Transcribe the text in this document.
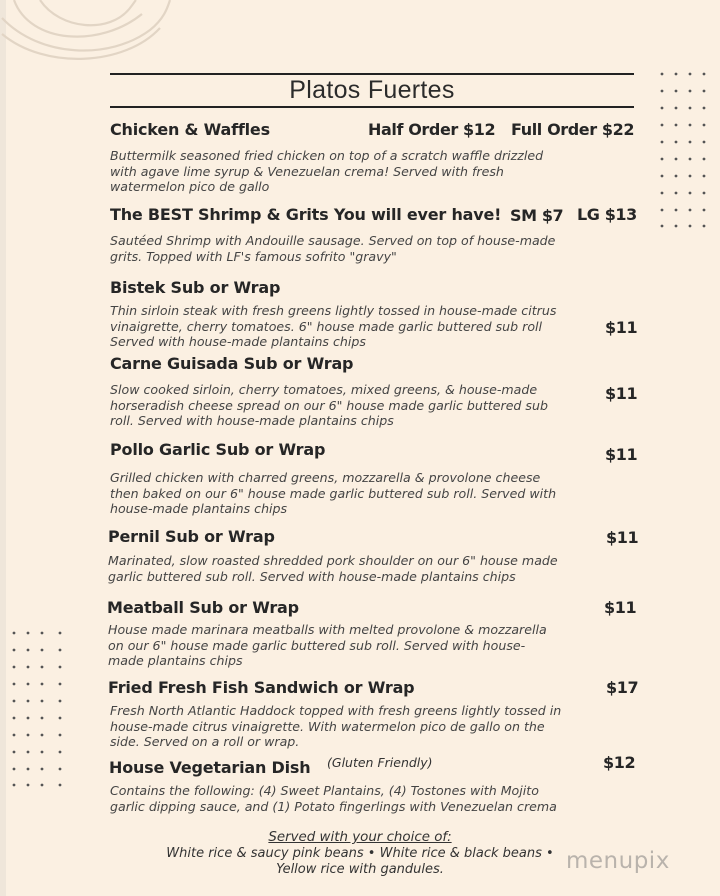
Platos Fuertes
Chicken & Waffles	Half Order $12 Full Order $22
Buttermilk seasoned fried chicken on top of a scratch waffle drizzled
with agave lime syrup & Venezuelan crema! Served with fresh
watermelon pico de gallo
The BEST Shrimp & Grits You will ever have! SM $7 LG $13
Sautéed Shrimp with Andouille sausage. Served on top of house-made
grits. Topped with LF's famous sofrito "gravy"
Bistek Sub or Wrap
Thin sirloin steak with fresh greens lightly tossed in house-made citrus
vinaigrette, cherry tomatoes. 6" house made garlic buttered sub roll
Served with house-made plantains chips
$11
Carne Guisada Sub or Wrap
Slow cooked sirloin, cherry tomatoes, mixed greens, & house-made
horseradish cheese spread on our 6" house made garlic buttered sub
roll. Served with house-made plantains chips
$11
Pollo Garlic Sub or Wrap	$11
Grilled chicken with charred greens, mozzarella & provolone cheese
then baked on our 6" house made garlic buttered sub roll. Served with
house-made plantains chips
Pernil Sub or Wrap	$11
Marinated, slow roasted shredded pork shoulder on our 6" house made
garlic buttered sub roll. Served with house-made plantains chips
Meatball Sub or Wrap	$11
House made marinara meatballs with melted provolone & mozzarella
on our 6" house made garlic buttered sub roll. Served with house-
made plantains chips
Fried Fresh Fish Sandwich or Wrap	$17
Fresh North Atlantic Haddock topped with fresh greens lightly tossed in
house-made citrus vinaigrette. With watermelon pico de gallo on the
side. Served on a roll or wrap.
House Vegetarian Dish (Gluten Friendly)	$12
Contains the following: (4) Sweet Plantains, (4) Tostones with Mojito
garlic dipping sauce, and (1) Potato fingerlings with Venezuelan crema
Served with your choice of:
White rice & saucy pink beans • White rice & black beans •
Yellow rice with gandules.	menupix
